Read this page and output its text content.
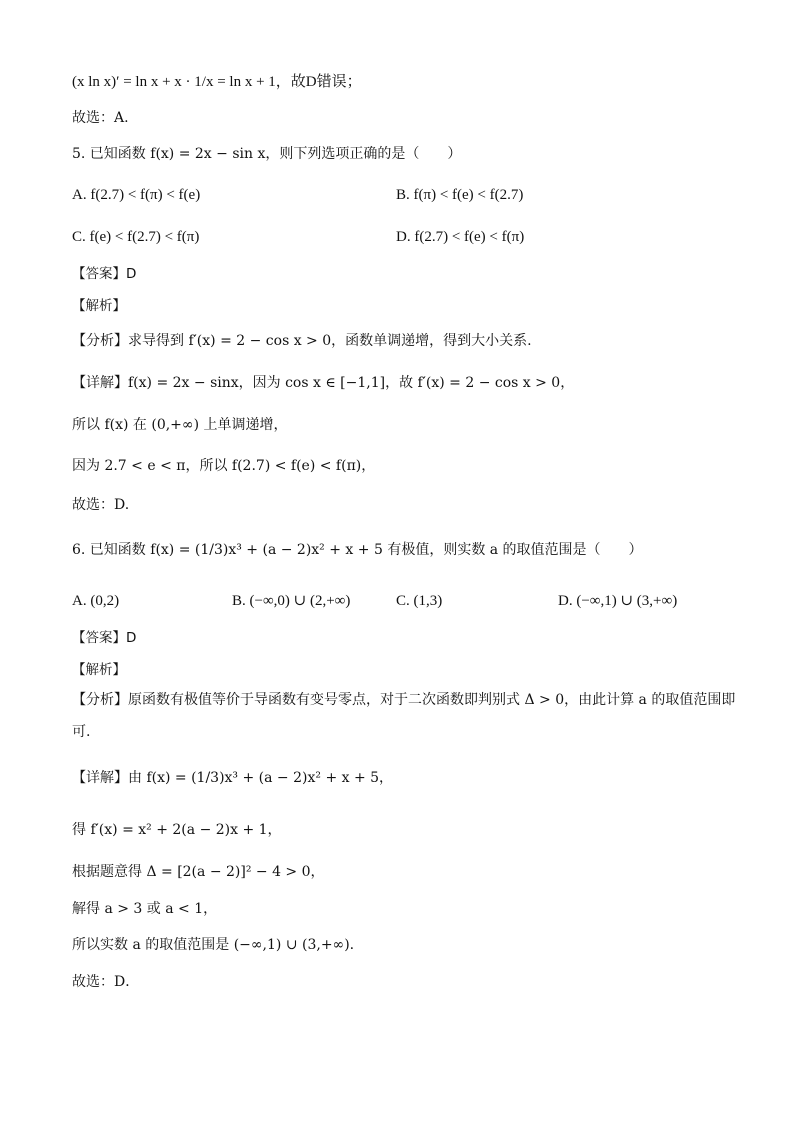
(x ln x)′ = ln x + x · 1/x = ln x + 1，故D错误；
故选：A.
5. 已知函数 f(x) = 2x − sin x，则下列选项正确的是（　　）
A. f(2.7) < f(π) < f(e)	B. f(π) < f(e) < f(2.7)
C. f(e) < f(2.7) < f(π)	D. f(2.7) < f(e) < f(π)
【答案】D
【解析】
【分析】求导得到 f′(x) = 2 − cos x > 0，函数单调递增，得到大小关系.
【详解】f(x) = 2x − sinx，因为 cos x ∈ [−1,1]，故 f′(x) = 2 − cos x > 0，
所以 f(x) 在 (0,+∞) 上单调递增，
因为 2.7 < e < π，所以 f(2.7) < f(e) < f(π)，
故选：D.
6. 已知函数 f(x) = (1/3)x³ + (a − 2)x² + x + 5 有极值，则实数 a 的取值范围是（　　）
A. (0,2)	B. (−∞,0) ∪ (2,+∞)	C. (1,3)	D. (−∞,1) ∪ (3,+∞)
【答案】D
【解析】
【分析】原函数有极值等价于导函数有变号零点，对于二次函数即判别式 Δ > 0，由此计算 a 的取值范围即
可.
【详解】由 f(x) = (1/3)x³ + (a − 2)x² + x + 5，
得 f′(x) = x² + 2(a − 2)x + 1，
根据题意得 Δ = [2(a − 2)]² − 4 > 0，
解得 a > 3 或 a < 1，
所以实数 a 的取值范围是 (−∞,1) ∪ (3,+∞).
故选：D．
